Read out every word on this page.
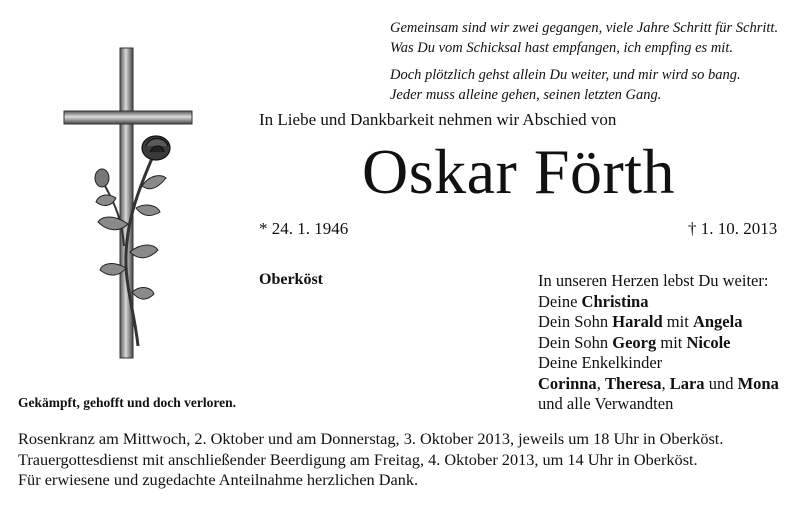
Gemeinsam sind wir zwei gegangen, viele Jahre Schritt für Schritt.
Was Du vom Schicksal hast empfangen, ich empfing es mit.

Doch plötzlich gehst allein Du weiter, und mir wird so bang.
Jeder muss alleine gehen, seinen letzten Gang.

In Liebe und Dankbarkeit nehmen wir Abschied von
Oskar Förth
* 24. 1. 1946	† 1. 10. 2013
Oberköst	In unseren Herzen lebst Du weiter:
Deine Christina
Dein Sohn Harald mit Angela
Dein Sohn Georg mit Nicole
Deine Enkelkinder
Corinna, Theresa, Lara und Mona
und alle Verwandten
Gekämpft, gehofft und doch verloren.
Rosenkranz am Mittwoch, 2. Oktober und am Donnerstag, 3. Oktober 2013, jeweils um 18 Uhr in Oberköst.
Trauergottesdienst mit anschließender Beerdigung am Freitag, 4. Oktober 2013, um 14 Uhr in Oberköst.
Für erwiesene und zugedachte Anteilnahme herzlichen Dank.
